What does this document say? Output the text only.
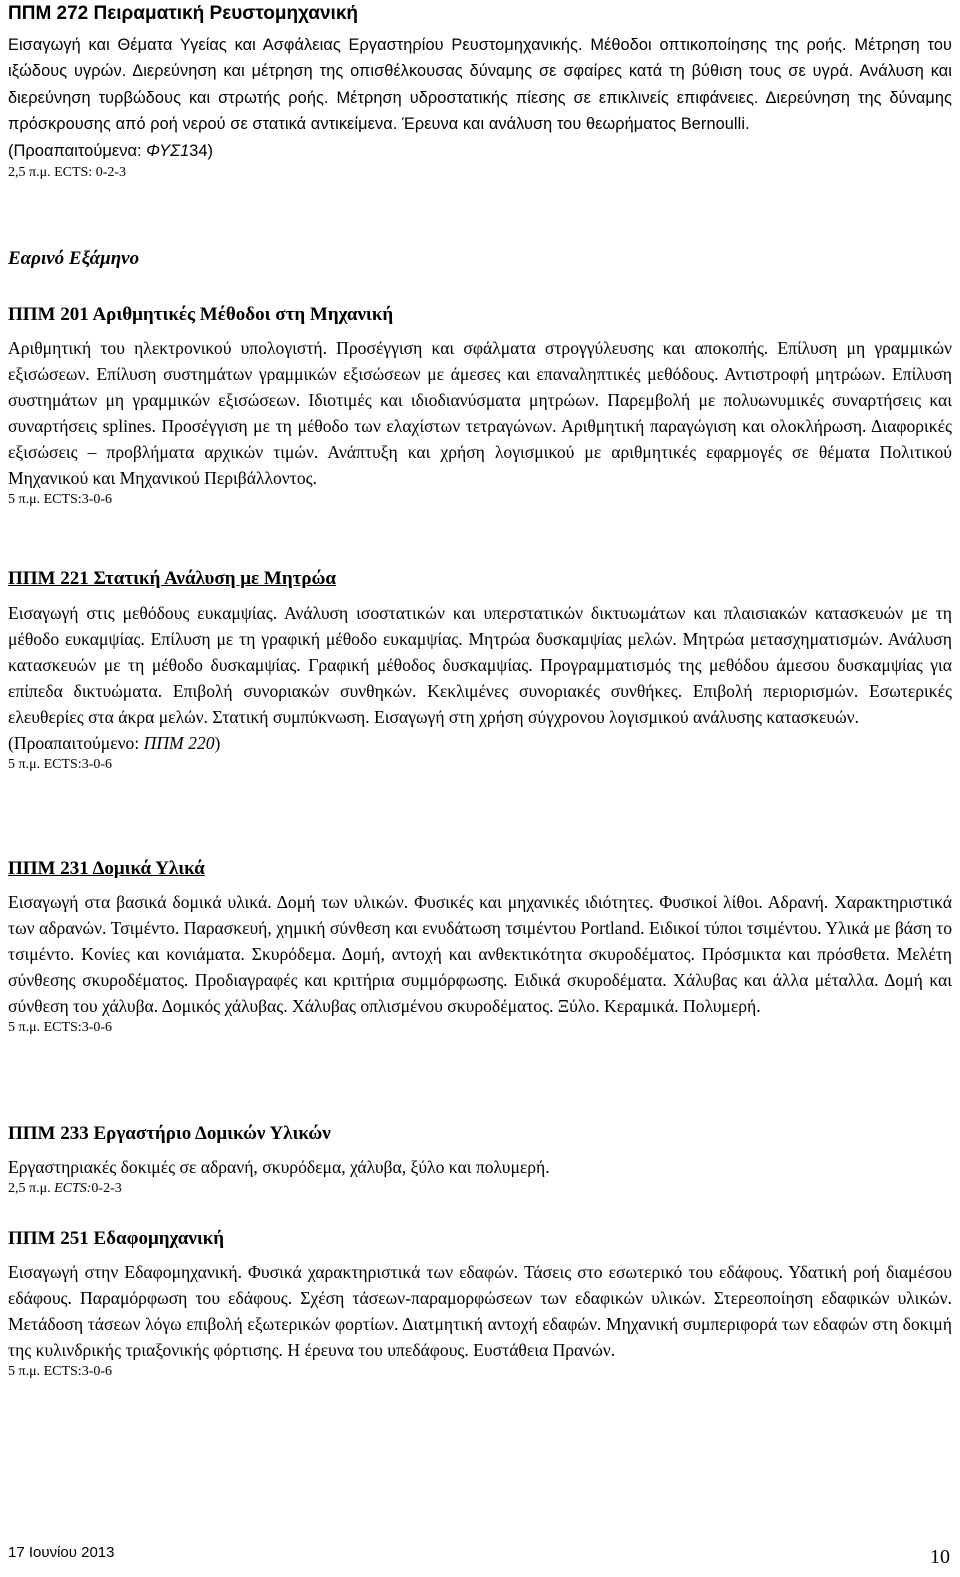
ΠΠΜ 272 Πειραματική Ρευστομηχανική

Εισαγωγή και Θέματα Υγείας και Ασφάλειας Εργαστηρίου Ρευστομηχανικής. Μέθοδοι οπτικοποίησης της ροής. Μέτρηση του ιξώδους υγρών. Διερεύνηση και μέτρηση της οπισθέλκουσας δύναμης σε σφαίρες κατά τη βύθιση τους σε υγρά. Ανάλυση και διερεύνηση τυρβώδους και στρωτής ροής. Μέτρηση υδροστατικής πίεσης σε επικλινείς επιφάνειες. Διερεύνηση της δύναμης πρόσκρουσης από ροή νερού σε στατικά αντικείμενα. Έρευνα και ανάλυση του θεωρήματος Bernoulli.

(Προαπαιτούμενα: ΦΥΣ134)

2,5 π.μ. ECTS: 0-2-3

Εαρινό Εξάμηνο

ΠΠΜ 201 Αριθμητικές Μέθοδοι στη Μηχανική

Αριθμητική του ηλεκτρονικού υπολογιστή. Προσέγγιση και σφάλματα στρογγύλευσης και αποκοπής. Επίλυση μη γραμμικών εξισώσεων. Επίλυση συστημάτων γραμμικών εξισώσεων με άμεσες και επαναληπτικές μεθόδους. Αντιστροφή μητρώων. Επίλυση συστημάτων μη γραμμικών εξισώσεων. Ιδιοτιμές και ιδιοδιανύσματα μητρώων. Παρεμβολή με πολυωνυμικές συναρτήσεις και συναρτήσεις splines. Προσέγγιση με τη μέθοδο των ελαχίστων τετραγώνων. Αριθμητική παραγώγιση και ολοκλήρωση. Διαφορικές εξισώσεις – προβλήματα αρχικών τιμών. Ανάπτυξη και χρήση λογισμικού με αριθμητικές εφαρμογές σε θέματα Πολιτικού Μηχανικού και Μηχανικού Περιβάλλοντος.

5 π.μ. ECTS:3-0-6

ΠΠΜ 221 Στατική Ανάλυση με Μητρώα

Εισαγωγή στις μεθόδους ευκαμψίας. Ανάλυση ισοστατικών και υπερστατικών δικτυωμάτων και πλαισιακών κατασκευών με τη μέθοδο ευκαμψίας. Επίλυση με τη γραφική μέθοδο ευκαμψίας. Μητρώα δυσκαμψίας μελών. Μητρώα μετασχηματισμών. Ανάλυση κατασκευών με τη μέθοδο δυσκαμψίας. Γραφική μέθοδος δυσκαμψίας. Προγραμματισμός της μεθόδου άμεσου δυσκαμψίας για επίπεδα δικτυώματα. Επιβολή συνοριακών συνθηκών. Κεκλιμένες συνοριακές συνθήκες. Επιβολή περιορισμών. Εσωτερικές ελευθερίες στα άκρα μελών. Στατική συμπύκνωση. Εισαγωγή στη χρήση σύγχρονου λογισμικού ανάλυσης κατασκευών.

(Προαπαιτούμενο: ΠΠΜ 220)

5 π.μ. ECTS:3-0-6

ΠΠΜ 231 Δομικά Υλικά

Εισαγωγή στα βασικά δομικά υλικά. Δομή των υλικών. Φυσικές και μηχανικές ιδιότητες. Φυσικοί λίθοι. Αδρανή. Χαρακτηριστικά των αδρανών. Τσιμέντο. Παρασκευή, χημική σύνθεση και ενυδάτωση τσιμέντου Portland. Ειδικοί τύποι τσιμέντου. Υλικά με βάση το τσιμέντο. Κονίες και κονιάματα. Σκυρόδεμα. Δομή, αντοχή και ανθεκτικότητα σκυροδέματος. Πρόσμικτα και πρόσθετα. Μελέτη σύνθεσης σκυροδέματος. Προδιαγραφές και κριτήρια συμμόρφωσης. Ειδικά σκυροδέματα. Χάλυβας και άλλα μέταλλα. Δομή και σύνθεση του χάλυβα. Δομικός χάλυβας. Χάλυβας οπλισμένου σκυροδέματος. Ξύλο. Κεραμικά. Πολυμερή.

5 π.μ. ECTS:3-0-6

ΠΠΜ 233 Εργαστήριο Δομικών Υλικών

Εργαστηριακές δοκιμές σε αδρανή, σκυρόδεμα, χάλυβα, ξύλο και πολυμερή.

2,5 π.μ. ECTS:0-2-3

ΠΠΜ 251 Εδαφομηχανική

Εισαγωγή στην Εδαφομηχανική. Φυσικά χαρακτηριστικά των εδαφών. Τάσεις στο εσωτερικό του εδάφους. Υδατική ροή διαμέσου εδάφους. Παραμόρφωση του εδάφους. Σχέση τάσεων-παραμορφώσεων των εδαφικών υλικών. Στερεοποίηση εδαφικών υλικών. Μετάδοση τάσεων λόγω επιβολή εξωτερικών φορτίων. Διατμητική αντοχή εδαφών. Μηχανική συμπεριφορά των εδαφών στη δοκιμή της κυλινδρικής τριαξονικής φόρτισης. Η έρευνα του υπεδάφους. Ευστάθεια Πρανών.

5 π.μ. ECTS:3-0-6

17 Ιουνίου 2013	10
